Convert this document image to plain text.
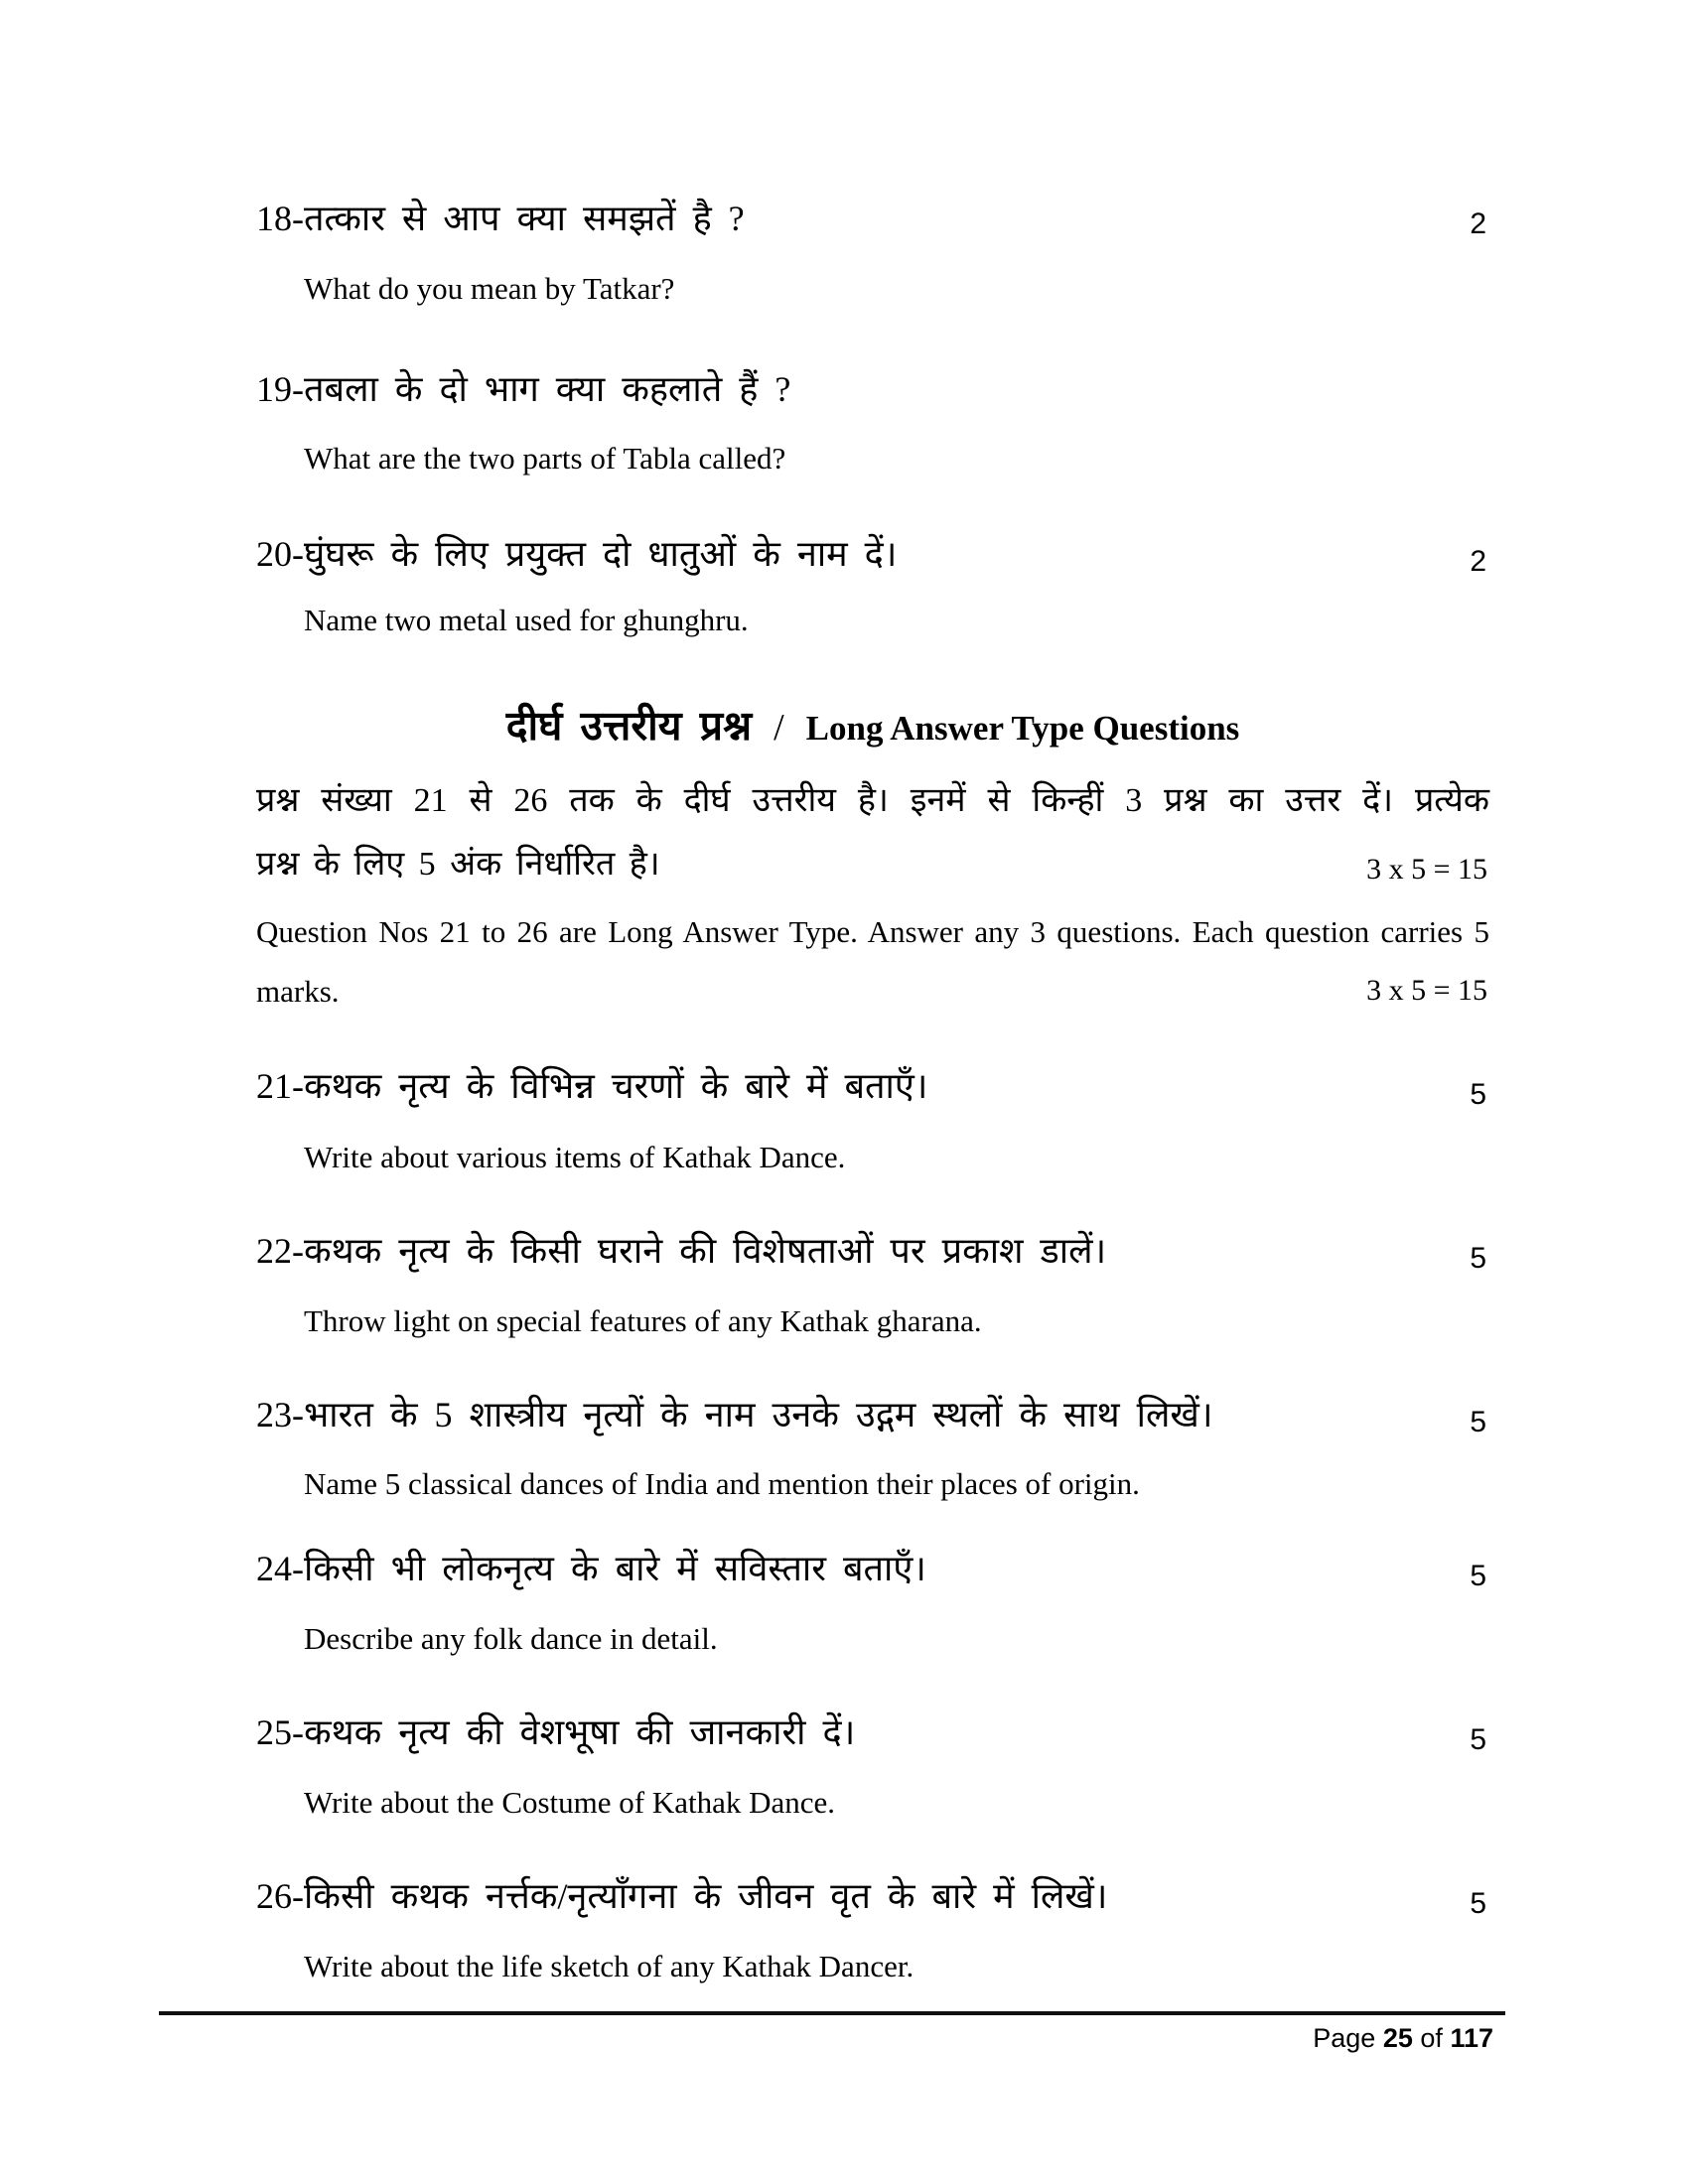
18-तत्कार से आप क्या समझतें है ?	2
What do you mean by Tatkar?
19-तबला के दो भाग क्या कहलाते हैं ?
What are the two parts of Tabla called?
20-घुंघरू के लिए प्रयुक्त दो धातुओं के नाम दें।	2
Name two metal used for ghunghru.
दीर्घ उत्तरीय प्रश्न / Long Answer Type Questions
प्रश्न संख्या 21 से 26 तक के दीर्घ उत्तरीय है। इनमें से किन्हीं 3 प्रश्न का उत्तर दें। प्रत्येक
प्रश्न के लिए 5 अंक निर्धारित है।	3 x 5 = 15
Question Nos 21 to 26 are Long Answer Type. Answer any 3 questions. Each question carries 5
marks.	3 x 5 = 15
21-कथक नृत्य के विभिन्न चरणों के बारे में बताएँ।	5
Write about various items of Kathak Dance.
22-कथक नृत्य के किसी घराने की विशेषताओं पर प्रकाश डालें।	5
Throw light on special features of any Kathak gharana.
23-भारत के 5 शास्त्रीय नृत्यों के नाम उनके उद्गम स्थलों के साथ लिखें।	5
Name 5 classical dances of India and mention their places of origin.
24-किसी भी लोकनृत्य के बारे में सविस्तार बताएँ।	5
Describe any folk dance in detail.
25-कथक नृत्य की वेशभूषा की जानकारी दें।	5
Write about the Costume of Kathak Dance.
26-किसी कथक नर्त्तक/नृत्याँगना के जीवन वृत के बारे में लिखें।	5
Write about the life sketch of any Kathak Dancer.
Page 25 of 117
